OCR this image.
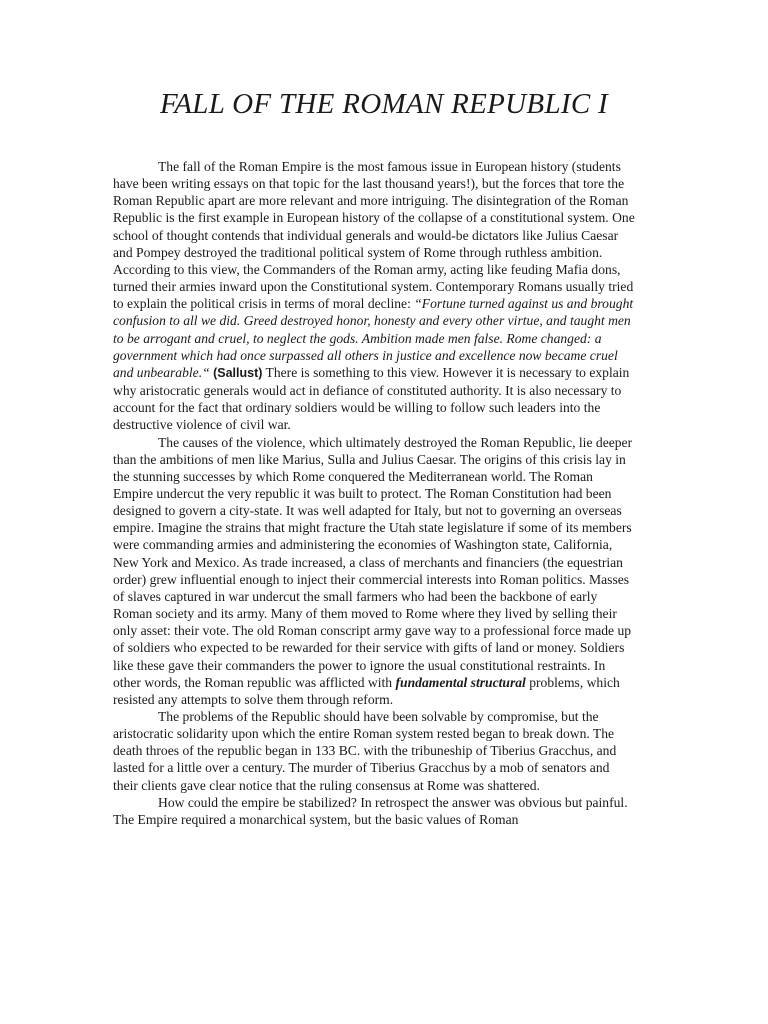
FALL OF THE ROMAN REPUBLIC I

The fall of the Roman Empire is the most famous issue in European history (students have been writing essays on that topic for the last thousand years!), but the forces that tore the Roman Republic apart are more relevant and more intriguing. The disintegration of the Roman Republic is the first example in European history of the collapse of a constitutional system. One school of thought contends that individual generals and would-be dictators like Julius Caesar and Pompey destroyed the traditional political system of Rome through ruthless ambition. According to this view, the Commanders of the Roman army, acting like feuding Mafia dons, turned their armies inward upon the Constitutional system. Contemporary Romans usually tried to explain the political crisis in terms of moral decline: “Fortune turned against us and brought confusion to all we did. Greed destroyed honor, honesty and every other virtue, and taught men to be arrogant and cruel, to neglect the gods. Ambition made men false. Rome changed: a government which had once surpassed all others in justice and excellence now became cruel and unbearable.“ (Sallust) There is something to this view. However it is necessary to explain why aristocratic generals would act in defiance of constituted authority. It is also necessary to account for the fact that ordinary soldiers would be willing to follow such leaders into the destructive violence of civil war.

The causes of the violence, which ultimately destroyed the Roman Republic, lie deeper than the ambitions of men like Marius, Sulla and Julius Caesar. The origins of this crisis lay in the stunning successes by which Rome conquered the Mediterranean world. The Roman Empire undercut the very republic it was built to protect. The Roman Constitution had been designed to govern a city-state. It was well adapted for Italy, but not to governing an overseas empire. Imagine the strains that might fracture the Utah state legislature if some of its members were commanding armies and administering the economies of Washington state, California, New York and Mexico. As trade increased, a class of merchants and financiers (the equestrian order) grew influential enough to inject their commercial interests into Roman politics. Masses of slaves captured in war undercut the small farmers who had been the backbone of early Roman society and its army. Many of them moved to Rome where they lived by selling their only asset: their vote. The old Roman conscript army gave way to a professional force made up of soldiers who expected to be rewarded for their service with gifts of land or money. Soldiers like these gave their commanders the power to ignore the usual constitutional restraints. In other words, the Roman republic was afflicted with fundamental structural problems, which resisted any attempts to solve them through reform.

The problems of the Republic should have been solvable by compromise, but the aristocratic solidarity upon which the entire Roman system rested began to break down. The death throes of the republic began in 133 BC. with the tribuneship of Tiberius Gracchus, and lasted for a little over a century. The murder of Tiberius Gracchus by a mob of senators and their clients gave clear notice that the ruling consensus at Rome was shattered.

How could the empire be stabilized? In retrospect the answer was obvious but painful. The Empire required a monarchical system, but the basic values of Roman
